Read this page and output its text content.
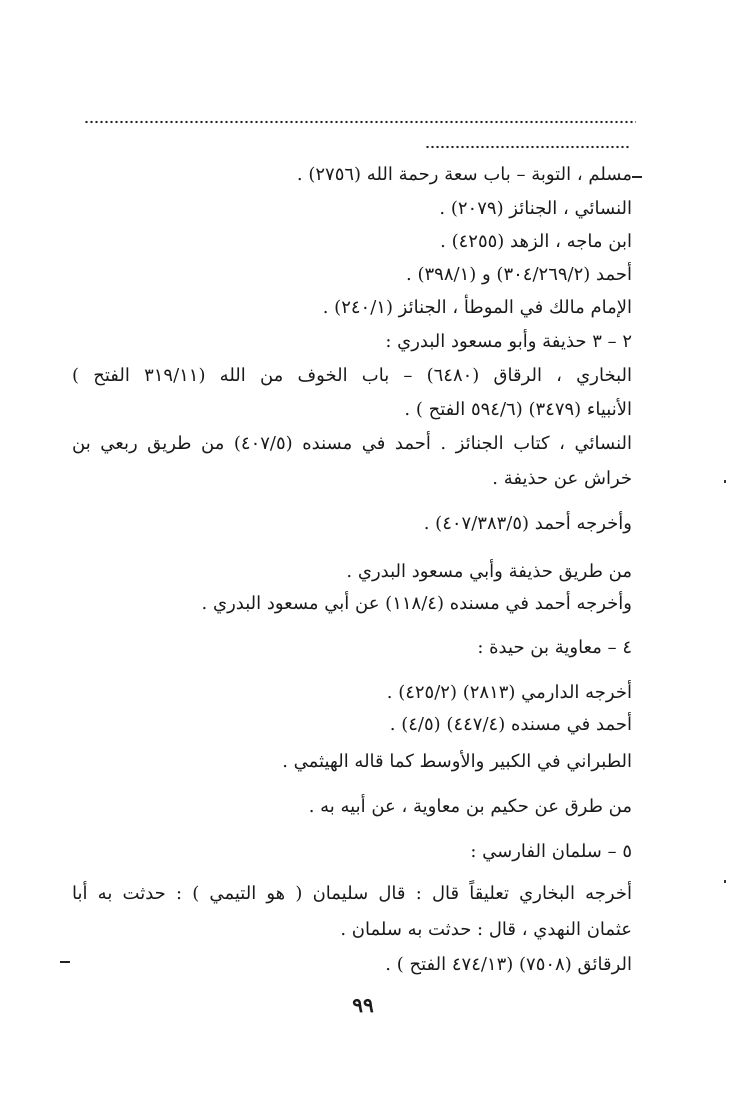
مسلم ، التوبة – باب سعة رحمة الله (٢٧٥٦) .
النسائي ، الجنائز (٢٠٧٩) .
ابن ماجه ، الزهد (٤٢٥٥) .
أحمد (٣٠٤/٢٦٩/٢) و (٣٩٨/١) .
الإمام مالك في الموطأ ، الجنائز (٢٤٠/١) .
٢ – ٣ حذيفة وأبو مسعود البدري :
البخاري ، الرقاق (٦٤٨٠) – باب الخوف من الله (٣١٩/١١ الفتح )
الأنبياء (٣٤٧٩) (٥٩٤/٦ الفتح ) .
النسائي ، كتاب الجنائز . أحمد في مسنده (٤٠٧/٥) من طريق ربعي بن
خراش عن حذيفة .
وأخرجه أحمد (٤٠٧/٣٨٣/٥) .
من طريق حذيفة وأبي مسعود البدري .
وأخرجه أحمد في مسنده (١١٨/٤) عن أبي مسعود البدري .
٤ – معاوية بن حيدة :
أخرجه الدارمي (٢٨١٣) (٤٢٥/٢) .
أحمد في مسنده (٤٤٧/٤) (٤/٥) .
الطبراني في الكبير والأوسط كما قاله الهيثمي .
من طرق عن حكيم بن معاوية ، عن أبيه به .
٥ – سلمان الفارسي :
أخرجه البخاري تعليقاً قال : قال سليمان ( هو التيمي ) : حدثت به أبا
عثمان النهدي ، قال : حدثت به سلمان .
الرقائق (٧٥٠٨) (٤٧٤/١٣ الفتح ) .
٩٩
